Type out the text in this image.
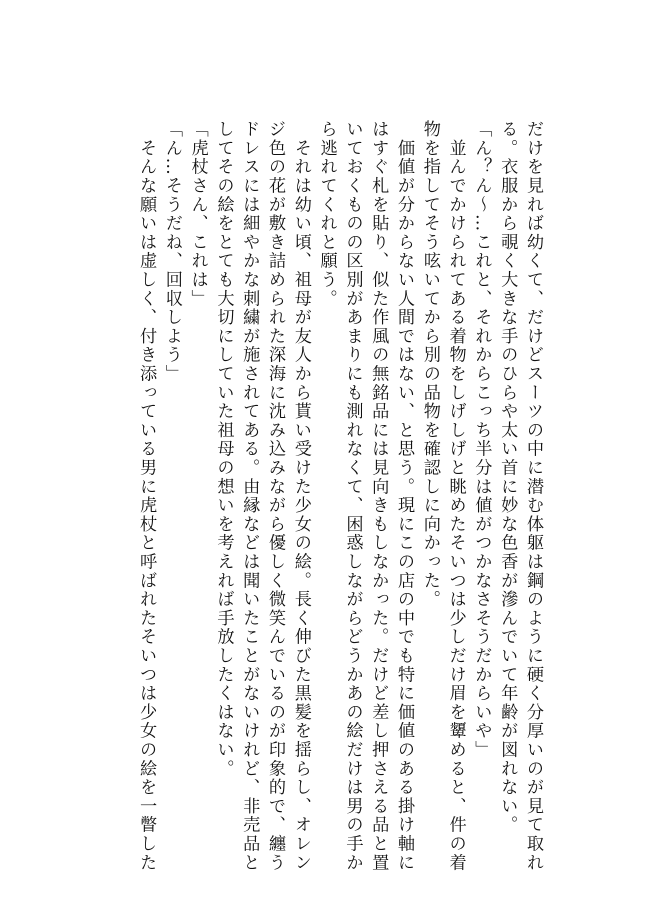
だけを見れば幼くて、だけどスーツの中に潜む体躯は鋼のように硬く分厚いのが見て取れ

る。衣服から覗く大きな手のひらや太い首に妙な色香が滲んでいて年齢が図れない。

「ん？ん〜…これと、それからこっち半分は値がつかなさそうだからいや」

　並んでかけられてある着物をしげしげと眺めたそいつは少しだけ眉を顰めると、件の着

物を指してそう呟いてから別の品物を確認しに向かった。

　価値が分からない人間ではない、と思う。現にこの店の中でも特に価値のある掛け軸に

はすぐ札を貼り、似た作風の無銘品には見向きもしなかった。だけど差し押さえる品と置

いておくものの区別があまりにも測れなくて、困惑しながらどうかあの絵だけは男の手か

ら逃れてくれと願う。

　それは幼い頃、祖母が友人から貰い受けた少女の絵。長く伸びた黒髪を揺らし、オレン

ジ色の花が敷き詰められた深海に沈み込みながら優しく微笑んでいるのが印象的で、纏う

ドレスには細やかな刺繍が施されてある。由縁などは聞いたことがないけれど、非売品と

してその絵をとても大切にしていた祖母の想いを考えれば手放したくはない。

「虎杖さん、これは」

「ん…そうだね、回収しよう」

　そんな願いは虚しく、付き添っている男に虎杖と呼ばれたそいつは少女の絵を一瞥した
